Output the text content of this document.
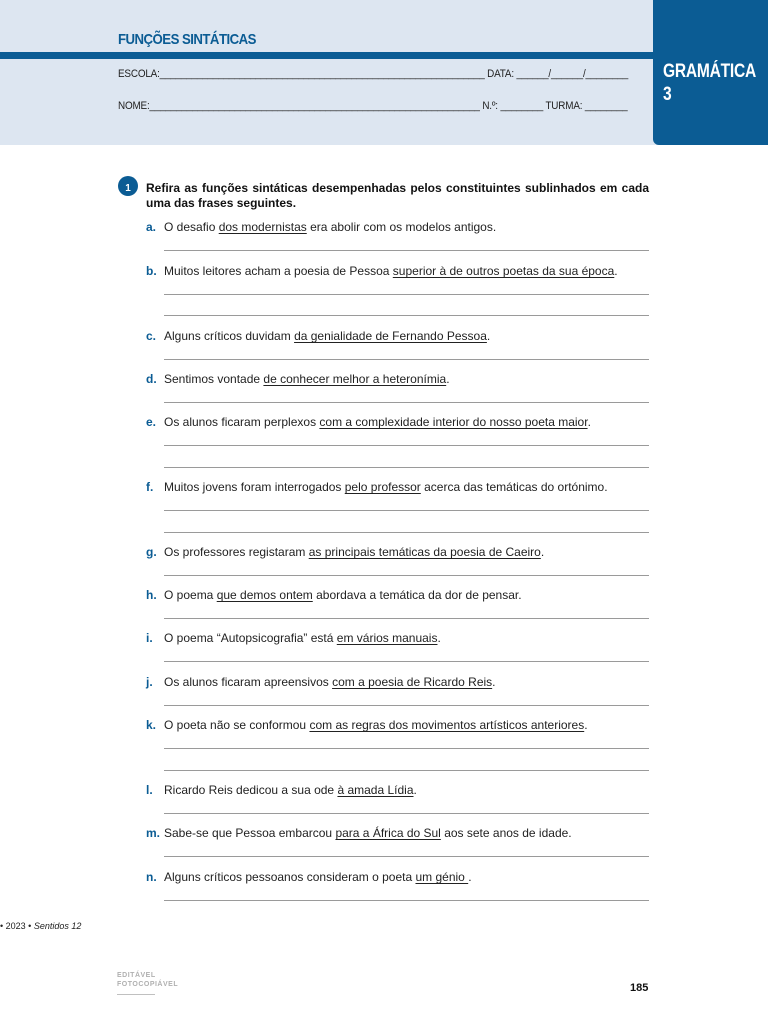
FUNÇÕES SINTÁTICAS
ESCOLA:_____________________________________________________________ DATA: ______/______/________
NOME:______________________________________________________________ N.º: ________ TURMA: ________
GRAMÁTICA
3
1	Refira as funções sintáticas desempenhadas pelos constituintes sublinhados em cada uma das frases seguintes.
a. O desafio dos modernistas era abolir com os modelos antigos.
b. Muitos leitores acham a poesia de Pessoa superior à de outros poetas da sua época.
c. Alguns críticos duvidam da genialidade de Fernando Pessoa.
d. Sentimos vontade de conhecer melhor a heteronímia.
e. Os alunos ficaram perplexos com a complexidade interior do nosso poeta maior.
f. Muitos jovens foram interrogados pelo professor acerca das temáticas do ortónimo.
g. Os professores registaram as principais temáticas da poesia de Caeiro.
h. O poema que demos ontem abordava a temática da dor de pensar.
i. O poema “Autopsicografia” está em vários manuais.
j. Os alunos ficaram apreensivos com a poesia de Ricardo Reis.
k. O poeta não se conformou com as regras dos movimentos artísticos anteriores.
l. Ricardo Reis dedicou a sua ode à amada Lídia.
m. Sabe-se que Pessoa embarcou para a África do Sul aos sete anos de idade.
n. Alguns críticos pessoanos consideram o poeta um génio .
• 2023 • Sentidos 12
EDITÁVEL
FOTOCOPIÁVEL	185
